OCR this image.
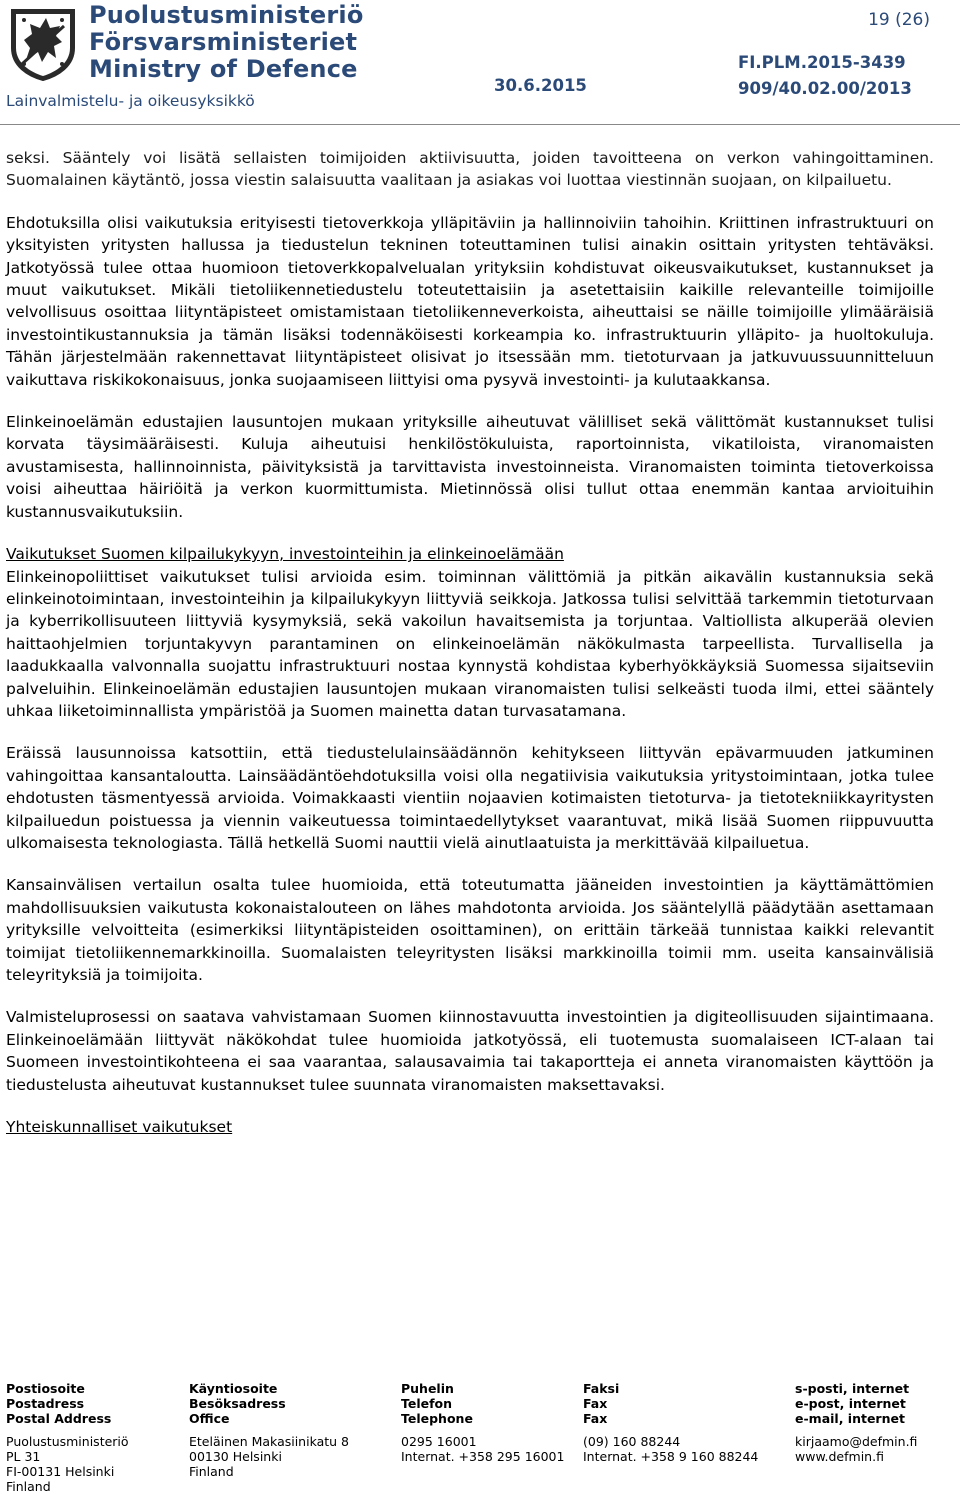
Puolustusministeriö
Försvarsministeriet
Ministry of Defence
Lainvalmistelu- ja oikeusyksikkö
19 (26)
FI.PLM.2015-3439
909/40.02.00/2013
30.6.2015

seksi. Sääntely voi lisätä sellaisten toimijoiden aktiivisuutta, joiden tavoitteena on verkon vahingoittaminen. Suomalainen käytäntö, jossa viestin salaisuutta vaalitaan ja asiakas voi luottaa viestinnän suojaan, on kilpailuetu.

Ehdotuksilla olisi vaikutuksia erityisesti tietoverkkoja ylläpitäviin ja hallinnoiviin tahoihin. Kriittinen infrastruktuuri on yksityisten yritysten hallussa ja tiedustelun tekninen toteuttaminen tulisi ainakin osittain yritysten tehtäväksi. Jatkotyössä tulee ottaa huomioon tietoverkkopalvelualan yrityksiin kohdistuvat oikeusvaikutukset, kustannukset ja muut vaikutukset. Mikäli tietoliikennetiedustelu toteutettaisiin ja asetettaisiin kaikille relevanteille toimijoille velvollisuus osoittaa liityntäpisteet omistamistaan tietoliikenneverkoista, aiheuttaisi se näille toimijoille ylimääräisiä investointikustannuksia ja tämän lisäksi todennäköisesti korkeampia ko. infrastruktuurin ylläpito- ja huoltokuluja. Tähän järjestelmään rakennettavat liityntäpisteet olisivat jo itsessään mm. tietoturvaan ja jatkuvuussuunnitteluun vaikuttava riskikokonaisuus, jonka suojaamiseen liittyisi oma pysyvä investointi- ja kulutaakkansa.

Elinkeinoelämän edustajien lausuntojen mukaan yrityksille aiheutuvat välilliset sekä välittömät kustannukset tulisi korvata täysimääräisesti. Kuluja aiheutuisi henkilöstökuluista, raportoinnista, vikatiloista, viranomaisten avustamisesta, hallinnoinnista, päivityksistä ja tarvittavista investoinneista. Viranomaisten toiminta tietoverkoissa voisi aiheuttaa häiriöitä ja verkon kuormittumista. Mietinnössä olisi tullut ottaa enemmän kantaa arvioituihin kustannusvaikutuksiin.

Vaikutukset Suomen kilpailukykyyn, investointeihin ja elinkeinoelämään

Elinkeinopoliittiset vaikutukset tulisi arvioida esim. toiminnan välittömiä ja pitkän aikavälin kustannuksia sekä elinkeinotoimintaan, investointeihin ja kilpailukykyyn liittyviä seikkoja. Jatkossa tulisi selvittää tarkemmin tietoturvaan ja kyberrikollisuuteen liittyviä kysymyksiä, sekä vakoilun havaitsemista ja torjuntaa. Valtiollista alkuperää olevien haittaohjelmien torjuntakyvyn parantaminen on elinkeinoelämän näkökulmasta tarpeellista. Turvallisella ja laadukkaalla valvonnalla suojattu infrastruktuuri nostaa kynnystä kohdistaa kyberhyökkäyksiä Suomessa sijaitseviin palveluihin. Elinkeinoelämän edustajien lausuntojen mukaan viranomaisten tulisi selkeästi tuoda ilmi, ettei sääntely uhkaa liiketoiminnallista ympäristöä ja Suomen mainetta datan turvasatamana.

Eräissä lausunnoissa katsottiin, että tiedustelulainsäädännön kehitykseen liittyvän epävarmuuden jatkuminen vahingoittaa kansantaloutta. Lainsäädäntöehdotuksilla voisi olla negatiivisia vaikutuksia yritystoimintaan, jotka tulee ehdotusten täsmentyessä arvioida. Voimakkaasti vientiin nojaavien kotimaisten tietoturva- ja tietotekniikkayritysten kilpailuedun poistuessa ja viennin vaikeutuessa toimintaedellytykset vaarantuvat, mikä lisää Suomen riippuvuutta ulkomaisesta teknologiasta. Tällä hetkellä Suomi nauttii vielä ainutlaatuista ja merkittävää kilpailuetua.

Kansainvälisen vertailun osalta tulee huomioida, että toteutumatta jääneiden investointien ja käyttämättömien mahdollisuuksien vaikutusta kokonaistalouteen on lähes mahdotonta arvioida. Jos sääntelyllä päädytään asettamaan yrityksille velvoitteita (esimerkiksi liityntäpisteiden osoittaminen), on erittäin tärkeää tunnistaa kaikki relevantit toimijat tietoliikennemarkkinoilla. Suomalaisten teleyritysten lisäksi markkinoilla toimii mm. useita kansainvälisiä teleyrityksiä ja toimijoita.

Valmisteluprosessi on saatava vahvistamaan Suomen kiinnostavuutta investointien ja digiteollisuuden sijaintimaana. Elinkeinoelämään liittyvät näkökohdat tulee huomioida jatkotyössä, eli tuotemusta suomalaiseen ICT-alaan tai Suomeen investointikohteena ei saa vaarantaa, salausavaimia tai takaportteja ei anneta viranomaisten käyttöön ja tiedustelusta aiheutuvat kustannukset tulee suunnata viranomaisten maksettavaksi.

Yhteiskunnalliset vaikutukset
Postiosoite
Postadress
Postal Address
Puolustusministeriö
PL 31
FI-00131 Helsinki
Finland
Käyntiosoite
Besöksadress
Office
Eteläinen Makasiinikatu 8
00130 Helsinki
Finland
Puhelin
Telefon
Telephone
0295 16001
Internat. +358 295 16001
Faksi
Fax
Fax
(09) 160 88244
Internat. +358 9 160 88244
s-posti, internet
e-post, internet
e-mail, internet
kirjaamo@defmin.fi
www.defmin.fi
